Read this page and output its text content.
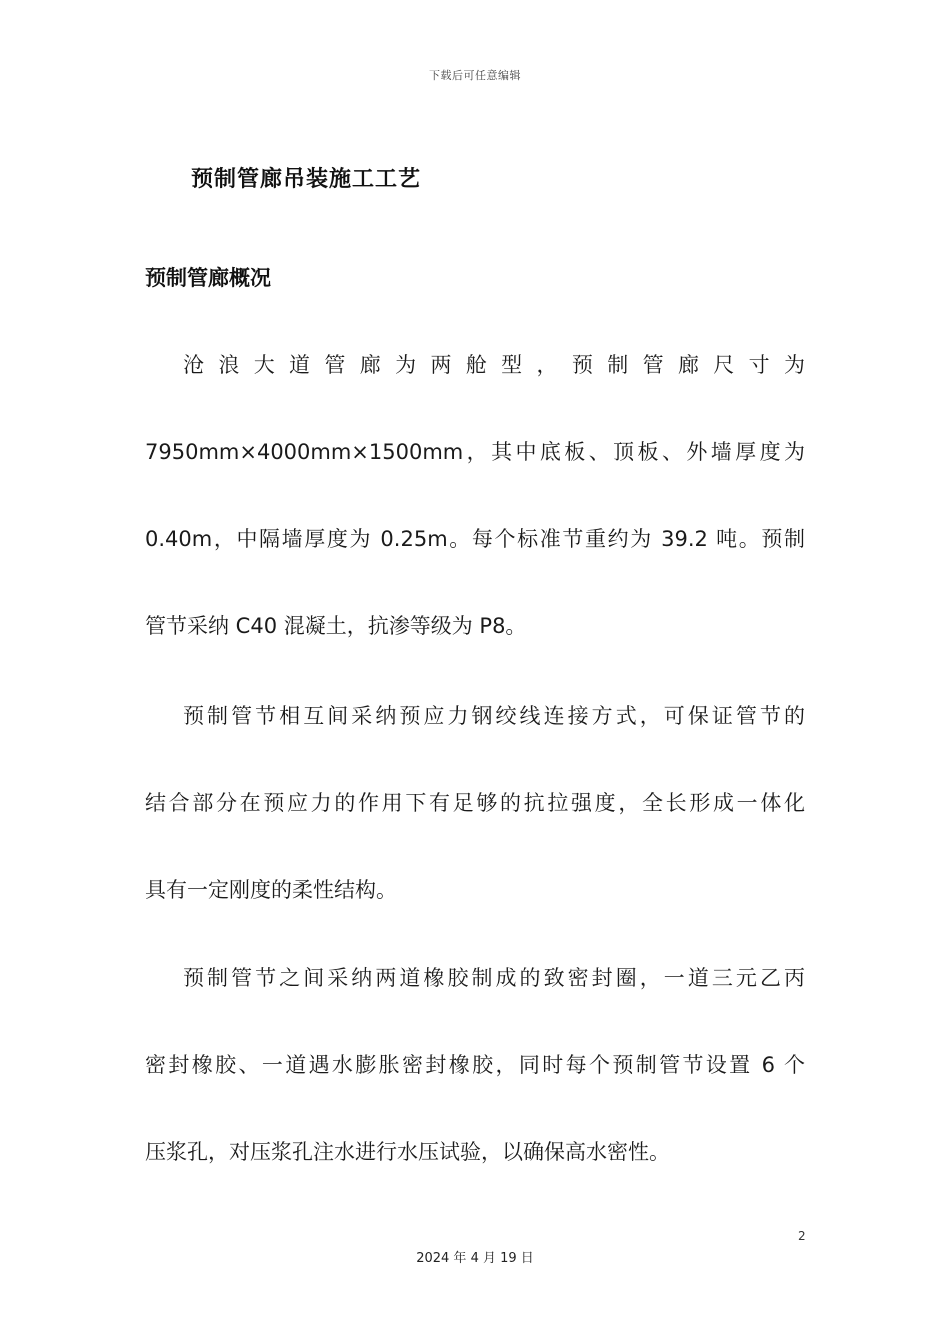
下载后可任意编辑
预制管廊吊装施工工艺
预制管廊概况
沧浪大道管廊为两舱型，预制管廊尺寸为
7950mm×4000mm×1500mm，其中底板、顶板、外墙厚度为
0.40m，中隔墙厚度为 0.25m。每个标准节重约为 39.2 吨。预制
管节采纳 C40 混凝土，抗渗等级为 P8。
预制管节相互间采纳预应力钢绞线连接方式，可保证管节的
结合部分在预应力的作用下有足够的抗拉强度，全长形成一体化
具有一定刚度的柔性结构。
预制管节之间采纳两道橡胶制成的致密封圈，一道三元乙丙
密封橡胶、一道遇水膨胀密封橡胶，同时每个预制管节设置 6 个
压浆孔，对压浆孔注水进行水压试验，以确保高水密性。
2
2024 年 4 月 19 日
